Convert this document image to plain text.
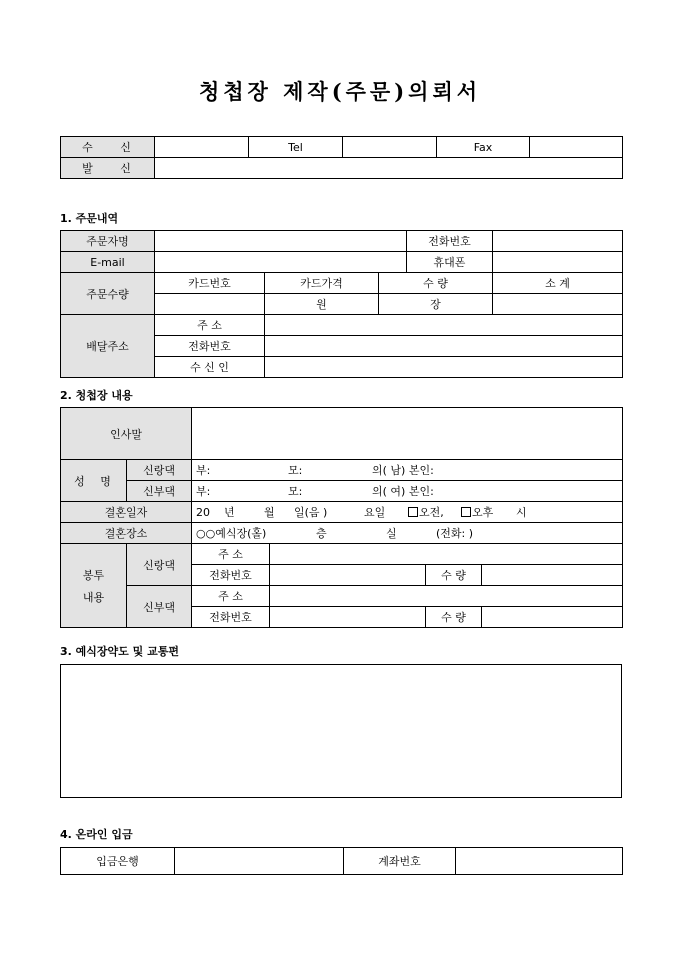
청첩장 제작(주문)의뢰서
수 신		Tel		Fax	
발 신					
1. 주문내역
주문자명				전화번호	
E-mail				휴대폰	
주문수량	카드번호	카드가격	수 량		소 계
		원	장		
배달주소	주 소				
	전화번호				
	수 신 인				
2. 청첩장 내용
인사말					
성 명	신랑댁	부: 모: 의( 남) 본인:			
	신부댁	부: 모: 의( 여) 본인:			
결혼일자		20 년 월 일(음 ) 요일 오전, 오후 시			
결혼장소		○○예식장(홀) 층 실 (전화: )			

봉투
내용	신랑댁	주 소			
		전화번호		수 량	
	신부댁	주 소			
		전화번호		수 량	
3. 예식장약도 및 교통편
4. 온라인 입금
입금은행		계좌번호	
